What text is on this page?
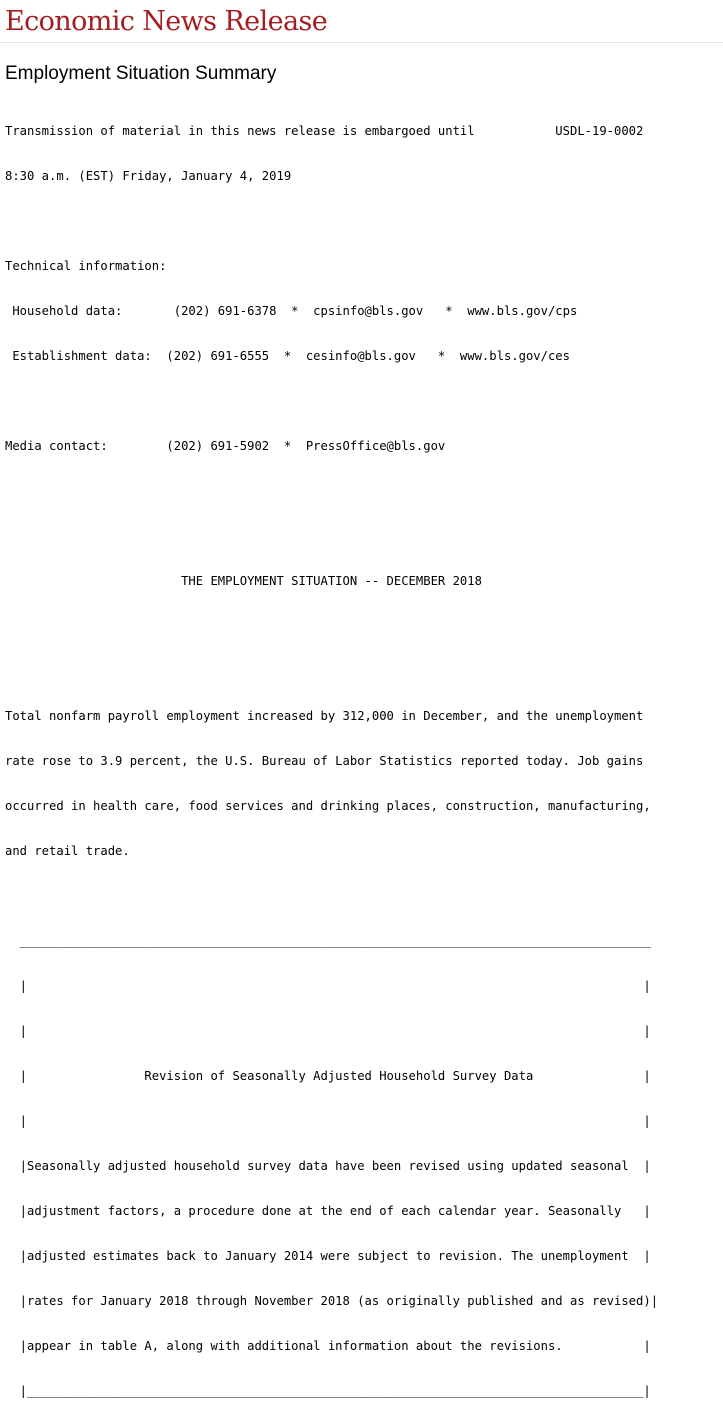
Economic News Release
Employment Situation Summary

Transmission of material in this news release is embargoed until           USDL-19-0002

8:30 a.m. (EST) Friday, January 4, 2019

Technical information:

Household data:       (202) 691-6378  *  cpsinfo@bls.gov   *  www.bls.gov/cps

Establishment data:  (202) 691-6555  *  cesinfo@bls.gov   *  www.bls.gov/ces

Media contact:        (202) 691-5902  *  PressOffice@bls.gov

THE EMPLOYMENT SITUATION -- DECEMBER 2018

Total nonfarm payroll employment increased by 312,000 in December, and the unemployment

rate rose to 3.9 percent, the U.S. Bureau of Labor Statistics reported today. Job gains

occurred in health care, food services and drinking places, construction, manufacturing,

and retail trade.

______________________________________________________________________________________

|                                                                                    |

|                                                                                    |

|                Revision of Seasonally Adjusted Household Survey Data               |

|                                                                                    |

|Seasonally adjusted household survey data have been revised using updated seasonal  |

|adjustment factors, a procedure done at the end of each calendar year. Seasonally   |

|adjusted estimates back to January 2014 were subject to revision. The unemployment  |

|rates for January 2018 through November 2018 (as originally published and as revised)|

|appear in table A, along with additional information about the revisions.           |

|____________________________________________________________________________________|
